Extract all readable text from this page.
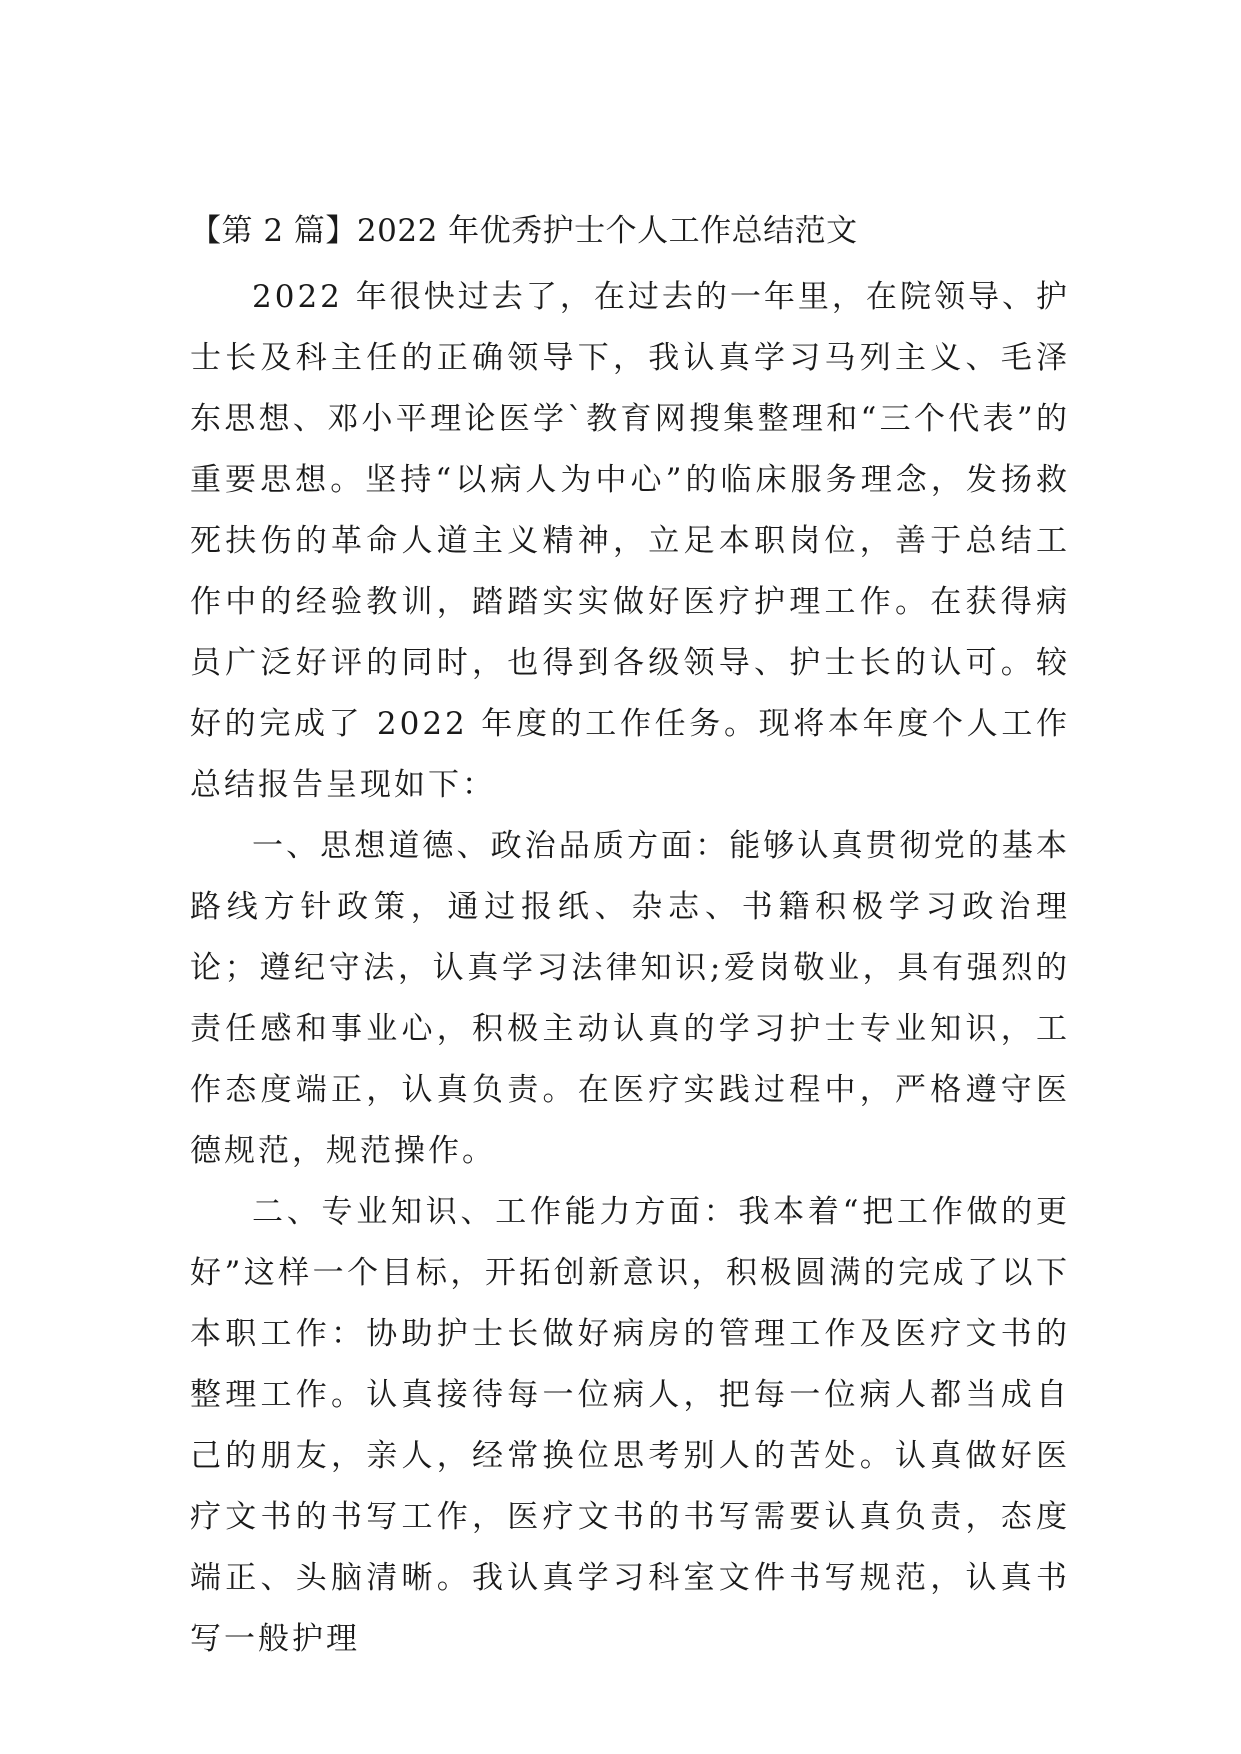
【第 2 篇】2022 年优秀护士个人工作总结范文

2022 年很快过去了，在过去的一年里，在院领导、护士长及科主任的正确领导下，我认真学习马列主义、毛泽东思想、邓小平理论医学`教育网搜集整理和“三个代表”的重要思想。坚持“以病人为中心”的临床服务理念，发扬救死扶伤的革命人道主义精神，立足本职岗位，善于总结工作中的经验教训，踏踏实实做好医疗护理工作。在获得病员广泛好评的同时，也得到各级领导、护士长的认可。较好的完成了 2022 年度的工作任务。现将本年度个人工作总结报告呈现如下：

一、思想道德、政治品质方面：能够认真贯彻党的基本路线方针政策，通过报纸、杂志、书籍积极学习政治理论；遵纪守法，认真学习法律知识;爱岗敬业，具有强烈的责任感和事业心，积极主动认真的学习护士专业知识，工作态度端正，认真负责。在医疗实践过程中，严格遵守医德规范，规范操作。

二、专业知识、工作能力方面：我本着“把工作做的更好”这样一个目标，开拓创新意识，积极圆满的完成了以下本职工作：协助护士长做好病房的管理工作及医疗文书的整理工作。认真接待每一位病人，把每一位病人都当成自己的朋友，亲人，经常换位思考别人的苦处。认真做好医疗文书的书写工作，医疗文书的书写需要认真负责，态度端正、头脑清晰。我认真学习科室文件书写规范，认真书写一般护理
